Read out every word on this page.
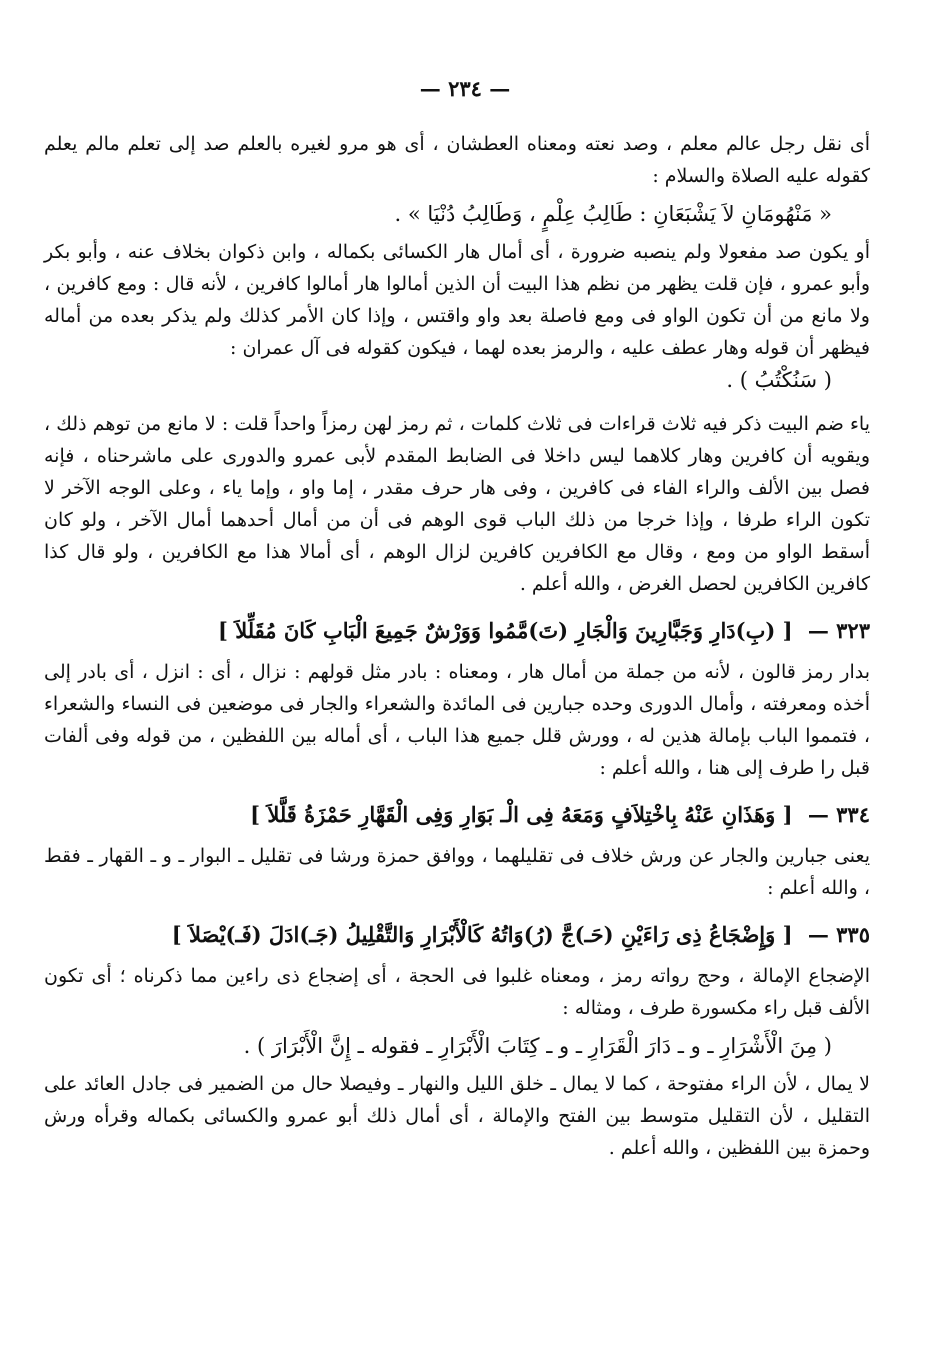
— ٢٣٤ —

أى نقل رجل عالم معلم ، وصد نعته ومعناه العطشان ، أى هو مرو لغيره بالعلم صد إلى تعلم مالم يعلم كقوله عليه الصلاة والسلام :

« مَنْهُومَانِ لاَ يَشْبَعَانِ : طَالِبُ عِلْمٍ ، وَطَالِبُ دُنْيَا » .

أو يكون صد مفعولا ولم ينصبه ضرورة ، أى أمال هار الكسائى بكماله ، وابن ذكوان بخلاف عنه ، وأبو بكر وأبو عمرو ، فإن قلت يظهر من نظم هذا البيت أن الذين أمالوا هار أمالوا كافرين ، لأنه قال : ومع كافرين ، ولا مانع من أن تكون الواو فى ومع فاصلة بعد واو واقتس ، وإذا كان الأمر كذلك ولم يذكر بعده من أماله فيظهر أن قوله وهار عطف عليه ، والرمز بعده لهما ، فيكون كقوله فى آل عمران :

( سَنُكْتُبُ ) .

ياء ضم البيت ذكر فيه ثلاث قراءات فى ثلاث كلمات ، ثم رمز لهن رمزاً واحداً قلت : لا مانع من توهم ذلك ، ويقويه أن كافرين وهار كلاهما ليس داخلا فى الضابط المقدم لأبى عمرو والدورى على ماشرحناه ، فإنه فصل بين الألف والراء الفاء فى كافرين ، وفى هار حرف مقدر ، إما واو ، وإما ياء ، وعلى الوجه الآخر لا تكون الراء طرفا ، وإذا خرجا من ذلك الباب قوى الوهم فى أن من أمال أحدهما أمال الآخر ، ولو كان أسقط الواو من ومع ، وقال مع الكافرين كافرين لزال الوهم ، أى أمالا هذا مع الكافرين ، ولو قال كذا كافرين الكافرين لحصل الغرض ، والله أعلم .

٣٢٣ — [ (بِ)دَارِ وَجَبَّارِينَ وَالْجَارِ (تَ)مَّمُوا وَوَرْشٌ جَمِيعَ الْبَابِ كَانَ مُقَلِّلاَ ]

بدار رمز قالون ، لأنه من جملة من أمال هار ، ومعناه : بادر مثل قولهم : نزال ، أى : انزل ، أى بادر إلى أخذه ومعرفته ، وأمال الدورى وحده جبارين فى المائدة والشعراء والجار فى موضعين فى النساء والشعراء ، فتمموا الباب بإمالة هذين له ، وورش قلل جميع هذا الباب ، أى أماله بين اللفظين ، من قوله وفى ألفات قبل را طرف إلى هنا ، والله أعلم :

٣٣٤ — [ وَهَذَانِ عَنْهُ بِاخْتِلاَفٍ وَمَعَهُ فِى الْـ بَوَارِ وَفِى الْقَهَّارِ حَمْزَةُ قَلَّلاَ ]

يعنى جبارين والجار عن ورش خلاف فى تقليلهما ، ووافق حمزة ورشا فى تقليل ـ البوار ـ و ـ القهار ـ فقط ، والله أعلم :

٣٣٥ — [ وَإِضْجَاعُ ذِى رَاءَيْنِ (حَـ)جَّ (رُ)وَاتُهُ كَالْأَبْرَارِ وَالتَّقْلِيلُ (جَـ)ادَلَ (فَـ)يْصَلاَ ]

الإضجاع الإمالة ، وحج رواته رمز ، ومعناه غلبوا فى الحجة ، أى إضجاع ذى راءين مما ذكرناه ؛ أى تكون الألف قبل راء مكسورة طرف ، ومثاله :

( مِنَ الْأَشْرَارِ ـ و ـ دَارَ الْقَرَارِ ـ و ـ كِتَابَ الْأَبْرَارِ ـ فقوله ـ إِنَّ الْأَبْرَارَ ) .

لا يمال ، لأن الراء مفتوحة ، كما لا يمال ـ خلق الليل والنهار ـ وفيصلا حال من الضمير فى جادل العائد على التقليل ، لأن التقليل متوسط بين الفتح والإمالة ، أى أمال ذلك أبو عمرو والكسائى بكماله وقرأه ورش وحمزة بين اللفظين ، والله أعلم .
